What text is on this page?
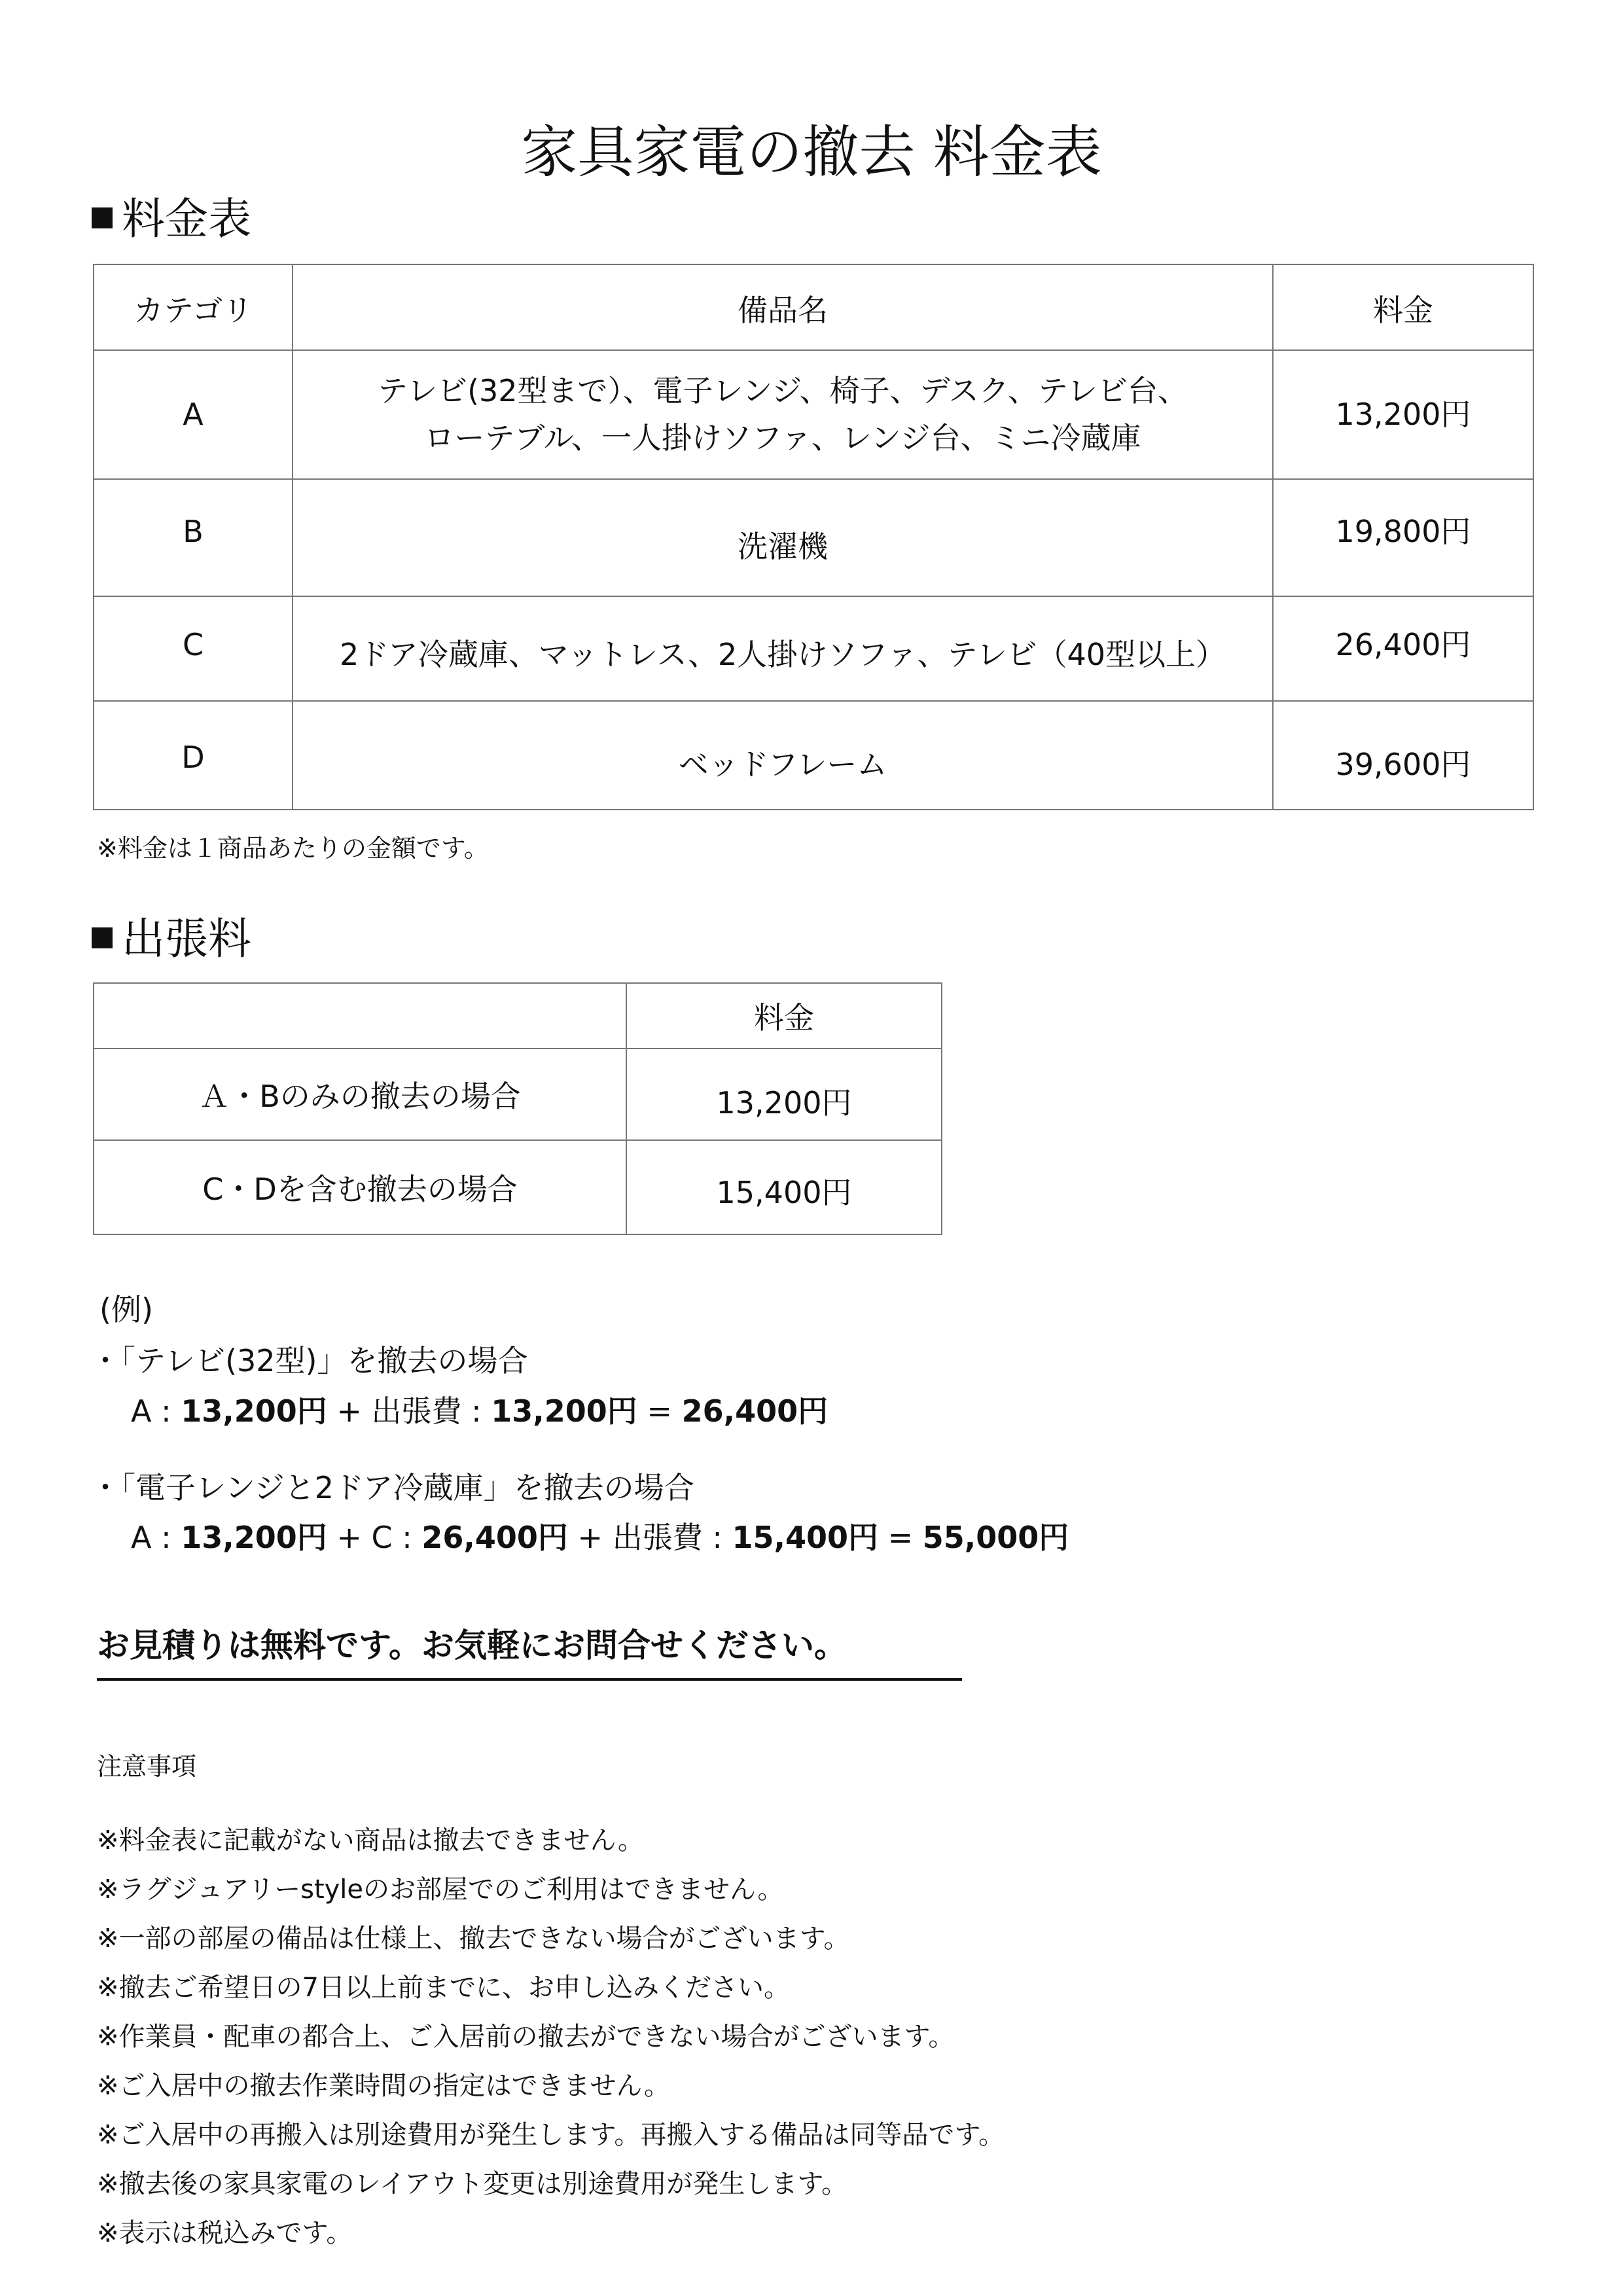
家具家電の撤去 料金表
料金表
カテゴリ	備品名	料金
A	テレビ(32型まで）、電子レンジ、椅子、デスク、テレビ台、
ローテブル、一人掛けソファ、レンジ台、ミニ冷蔵庫	13,200円
B	洗濯機	19,800円
C	2ドア冷蔵庫、マットレス、2人掛けソファ、テレビ（40型以上）	26,400円
D	ベッドフレーム	39,600円
※料金は１商品あたりの金額です。
出張料
	料金
Ａ・Bのみの撤去の場合	13,200円
C・Dを含む撤去の場合	15,400円
(例)
・「テレビ(32型)」を撤去の場合
A : 13,200円 + 出張費 : 13,200円 = 26,400円
・「電子レンジと2ドア冷蔵庫」を撤去の場合
A : 13,200円 + C : 26,400円 + 出張費 : 15,400円 = 55,000円
お見積りは無料です。お気軽にお問合せください。
注意事項
※料金表に記載がない商品は撤去できません。
※ラグジュアリーstyleのお部屋でのご利用はできません。
※一部の部屋の備品は仕様上、撤去できない場合がございます。
※撤去ご希望日の7日以上前までに、お申し込みください。
※作業員・配車の都合上、ご入居前の撤去ができない場合がございます。
※ご入居中の撤去作業時間の指定はできません。
※ご入居中の再搬入は別途費用が発生します。再搬入する備品は同等品です。
※撤去後の家具家電のレイアウト変更は別途費用が発生します。
※表示は税込みです。
